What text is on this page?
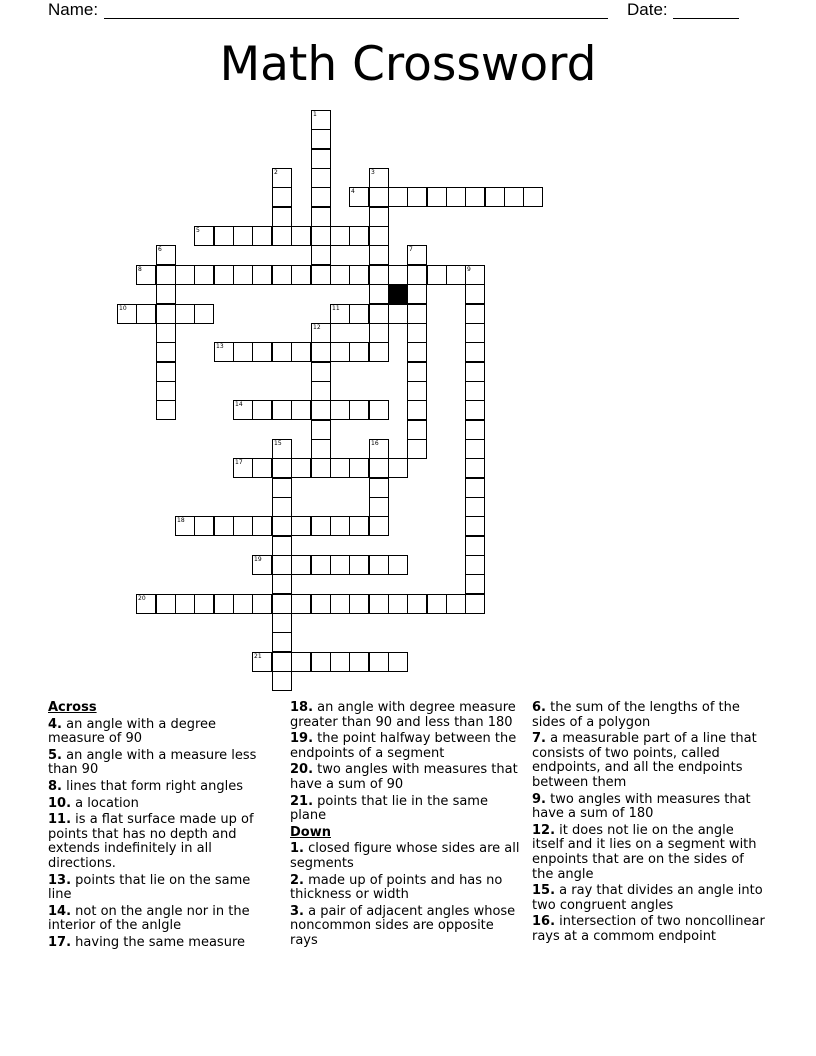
Name:	Date:
Math Crossword
1
2	3
4
5
6	7
8	9
10	11
12
13
14
15	16
17
18
19
20
21
Across
4. an angle with a degree measure of 90
5. an angle with a measure less than 90
8. lines that form right angles
10. a location
11. is a flat surface made up of points that has no depth and extends indefinitely in all directions.
13. points that lie on the same line
14. not on the angle nor in the interior of the anlgle
17. having the same measure
18. an angle with degree measure greater than 90 and less than 180
19. the point halfway between the endpoints of a segment
20. two angles with measures that have a sum of 90
21. points that lie in the same plane
Down
1. closed figure whose sides are all segments
2. made up of points and has no thickness or width
3. a pair of adjacent angles whose noncommon sides are opposite rays
6. the sum of the lengths of the sides of a polygon
7. a measurable part of a line that consists of two points, called endpoints, and all the endpoints between them
9. two angles with measures that have a sum of 180
12. it does not lie on the angle itself and it lies on a segment with enpoints that are on the sides of the angle
15. a ray that divides an angle into two congruent angles
16. intersection of two noncollinear rays at a commom endpoint
